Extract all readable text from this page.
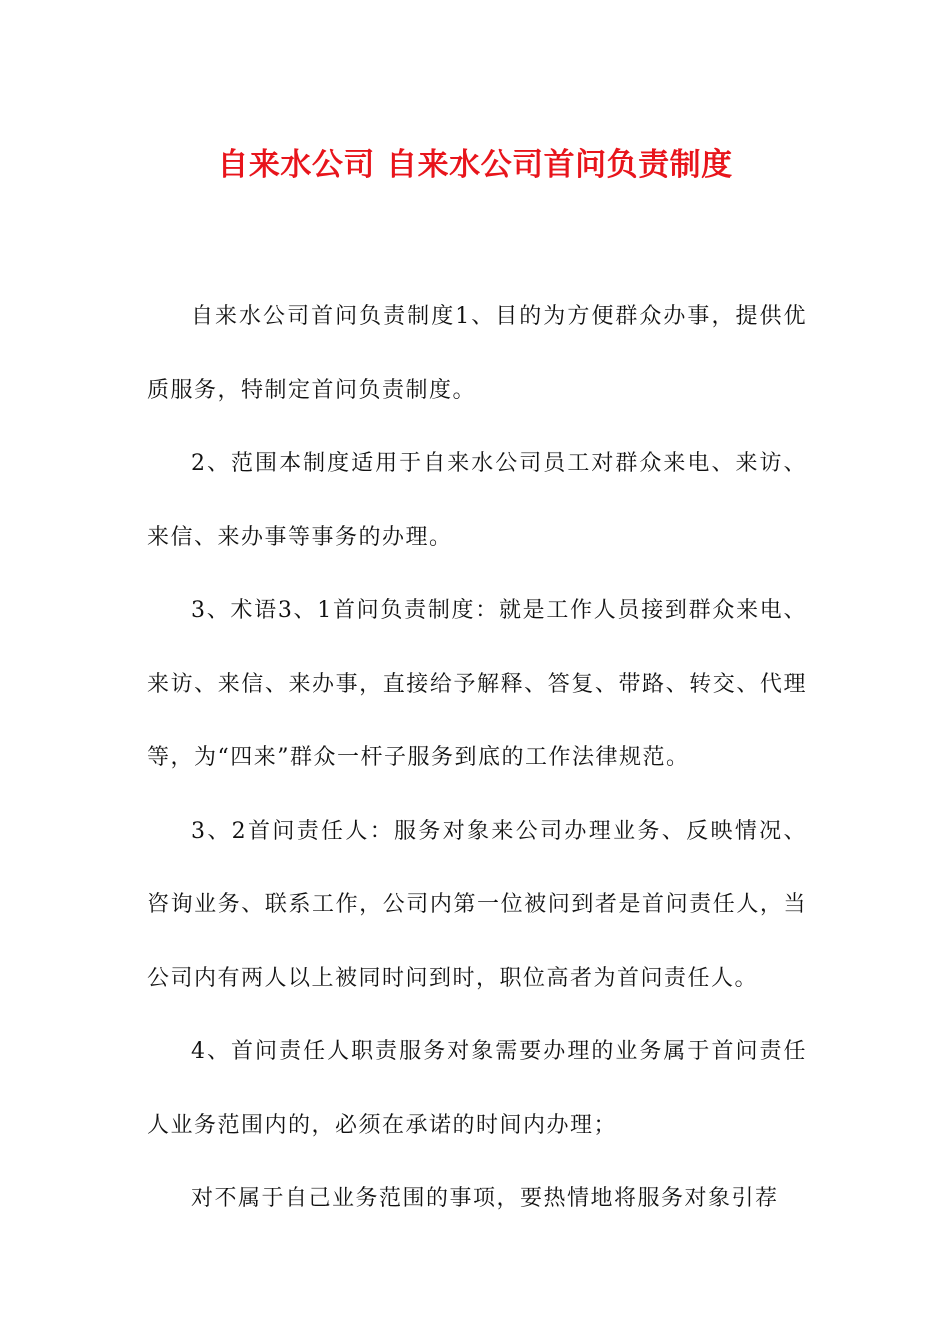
自来水公司 自来水公司首问负责制度

自来水公司首问负责制度1、目的为方便群众办事，提供优质服务，特制定首问负责制度。

2、范围本制度适用于自来水公司员工对群众来电、来访、来信、来办事等事务的办理。

3、术语3、1首问负责制度：就是工作人员接到群众来电、来访、来信、来办事，直接给予解释、答复、带路、转交、代理等，为“四来”群众一杆子服务到底的工作法律规范。

3、2首问责任人：服务对象来公司办理业务、反映情况、咨询业务、联系工作，公司内第一位被问到者是首问责任人，当公司内有两人以上被同时问到时，职位高者为首问责任人。

4、首问责任人职责服务对象需要办理的业务属于首问责任人业务范围内的，必须在承诺的时间内办理；

对不属于自己业务范围的事项，要热情地将服务对象引荐
